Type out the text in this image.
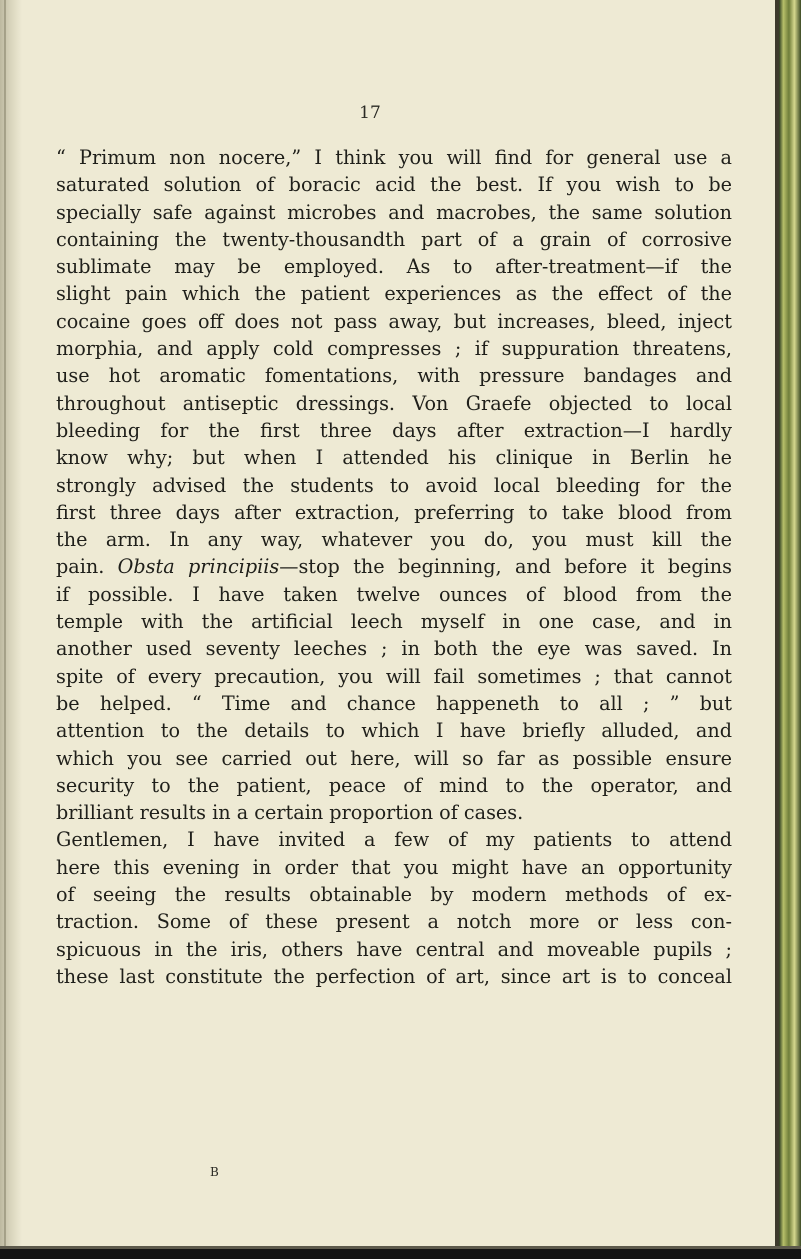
17

“ Primum non nocere,” I think you will find for general use a
saturated solution of boracic acid the best. If you wish to be
specially safe against microbes and macrobes, the same solution
containing the twenty-thousandth part of a grain of corrosive
sublimate may be employed. As to after-treatment—if the
slight pain which the patient experiences as the effect of the
cocaine goes off does not pass away, but increases, bleed, inject
morphia, and apply cold compresses ; if suppuration threatens,
use hot aromatic fomentations, with pressure bandages and
throughout antiseptic dressings. Von Graefe objected to local
bleeding for the first three days after extraction—I hardly
know why; but when I attended his clinique in Berlin he
strongly advised the students to avoid local bleeding for the
first three days after extraction, preferring to take blood from
the arm. In any way, whatever you do, you must kill the
pain. Obsta principiis—stop the beginning, and before it begins
if possible. I have taken twelve ounces of blood from the
temple with the artificial leech myself in one case, and in
another used seventy leeches ; in both the eye was saved. In
spite of every precaution, you will fail sometimes ; that cannot
be helped. “ Time and chance happeneth to all ; ” but
attention to the details to which I have briefly alluded, and
which you see carried out here, will so far as possible ensure
security to the patient, peace of mind to the operator, and
brilliant results in a certain proportion of cases.
Gentlemen, I have invited a few of my patients to attend
here this evening in order that you might have an opportunity
of seeing the results obtainable by modern methods of ex-
traction. Some of these present a notch more or less con-
spicuous in the iris, others have central and moveable pupils ;
these last constitute the perfection of art, since art is to conceal

B
